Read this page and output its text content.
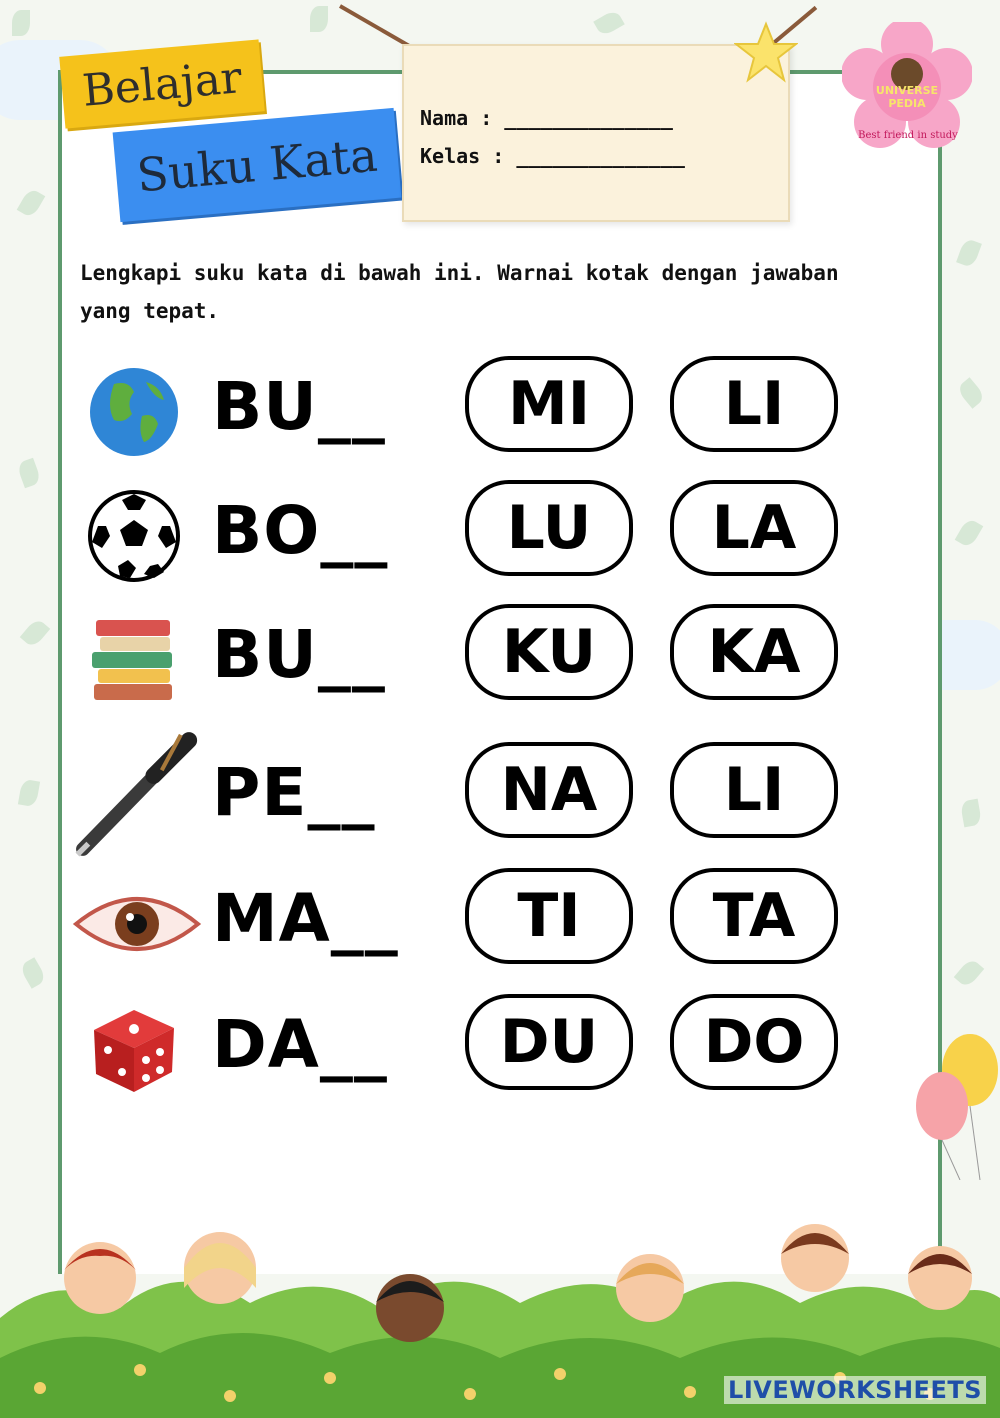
Belajar
Suku Kata
Nama : ______________
Kelas : ______________
UNIVERSE PEDIA
Best friend in study

Lengkapi suku kata di bawah ini. Warnai kotak dengan jawaban yang tepat.

BU__ MI LI
BO__ LU LA
BU__ KU KA
PE__ NA LI
MA__ TI TA
DA__ DU DO
LIVEWORKSHEETS
